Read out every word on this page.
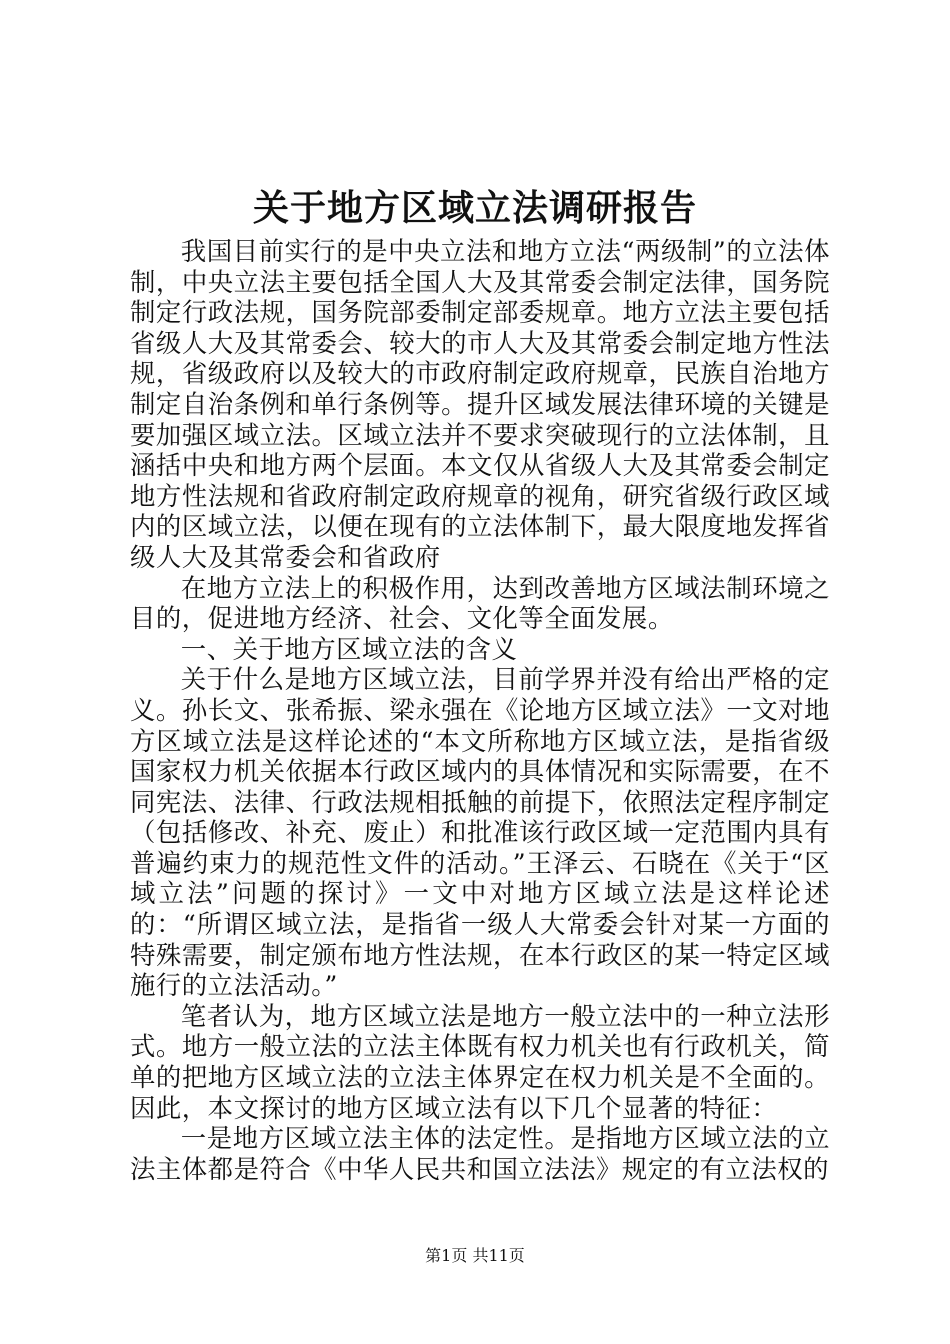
关于地方区域立法调研报告

我国目前实行的是中央立法和地方立法“两级制”的立法体制，中央立法主要包括全国人大及其常委会制定法律，国务院制定行政法规，国务院部委制定部委规章。地方立法主要包括省级人大及其常委会、较大的市人大及其常委会制定地方性法规，省级政府以及较大的市政府制定政府规章，民族自治地方制定自治条例和单行条例等。提升区域发展法律环境的关键是要加强区域立法。区域立法并不要求突破现行的立法体制，且涵括中央和地方两个层面。本文仅从省级人大及其常委会制定地方性法规和省政府制定政府规章的视角，研究省级行政区域内的区域立法，以便在现有的立法体制下，最大限度地发挥省级人大及其常委会和省政府

在地方立法上的积极作用，达到改善地方区域法制环境之目的，促进地方经济、社会、文化等全面发展。

一、关于地方区域立法的含义

关于什么是地方区域立法，目前学界并没有给出严格的定义。孙长文、张希振、梁永强在《论地方区域立法》一文对地方区域立法是这样论述的“本文所称地方区域立法，是指省级国家权力机关依据本行政区域内的具体情况和实际需要，在不同宪法、法律、行政法规相抵触的前提下，依照法定程序制定（包括修改、补充、废止）和批准该行政区域一定范围内具有普遍约束力的规范性文件的活动。”王泽云、石晓在《关于“区域立法”问题的探讨》一文中对地方区域立法是这样论述的：“所谓区域立法，是指省一级人大常委会针对某一方面的特殊需要，制定颁布地方性法规，在本行政区的某一特定区域施行的立法活动。”

笔者认为，地方区域立法是地方一般立法中的一种立法形式。地方一般立法的立法主体既有权力机关也有行政机关，简单的把地方区域立法的立法主体界定在权力机关是不全面的。因此，本文探讨的地方区域立法有以下几个显著的特征：

一是地方区域立法主体的法定性。是指地方区域立法的立法主体都是符合《中华人民共和国立法法》规定的有立法权的

第1页 共11页
